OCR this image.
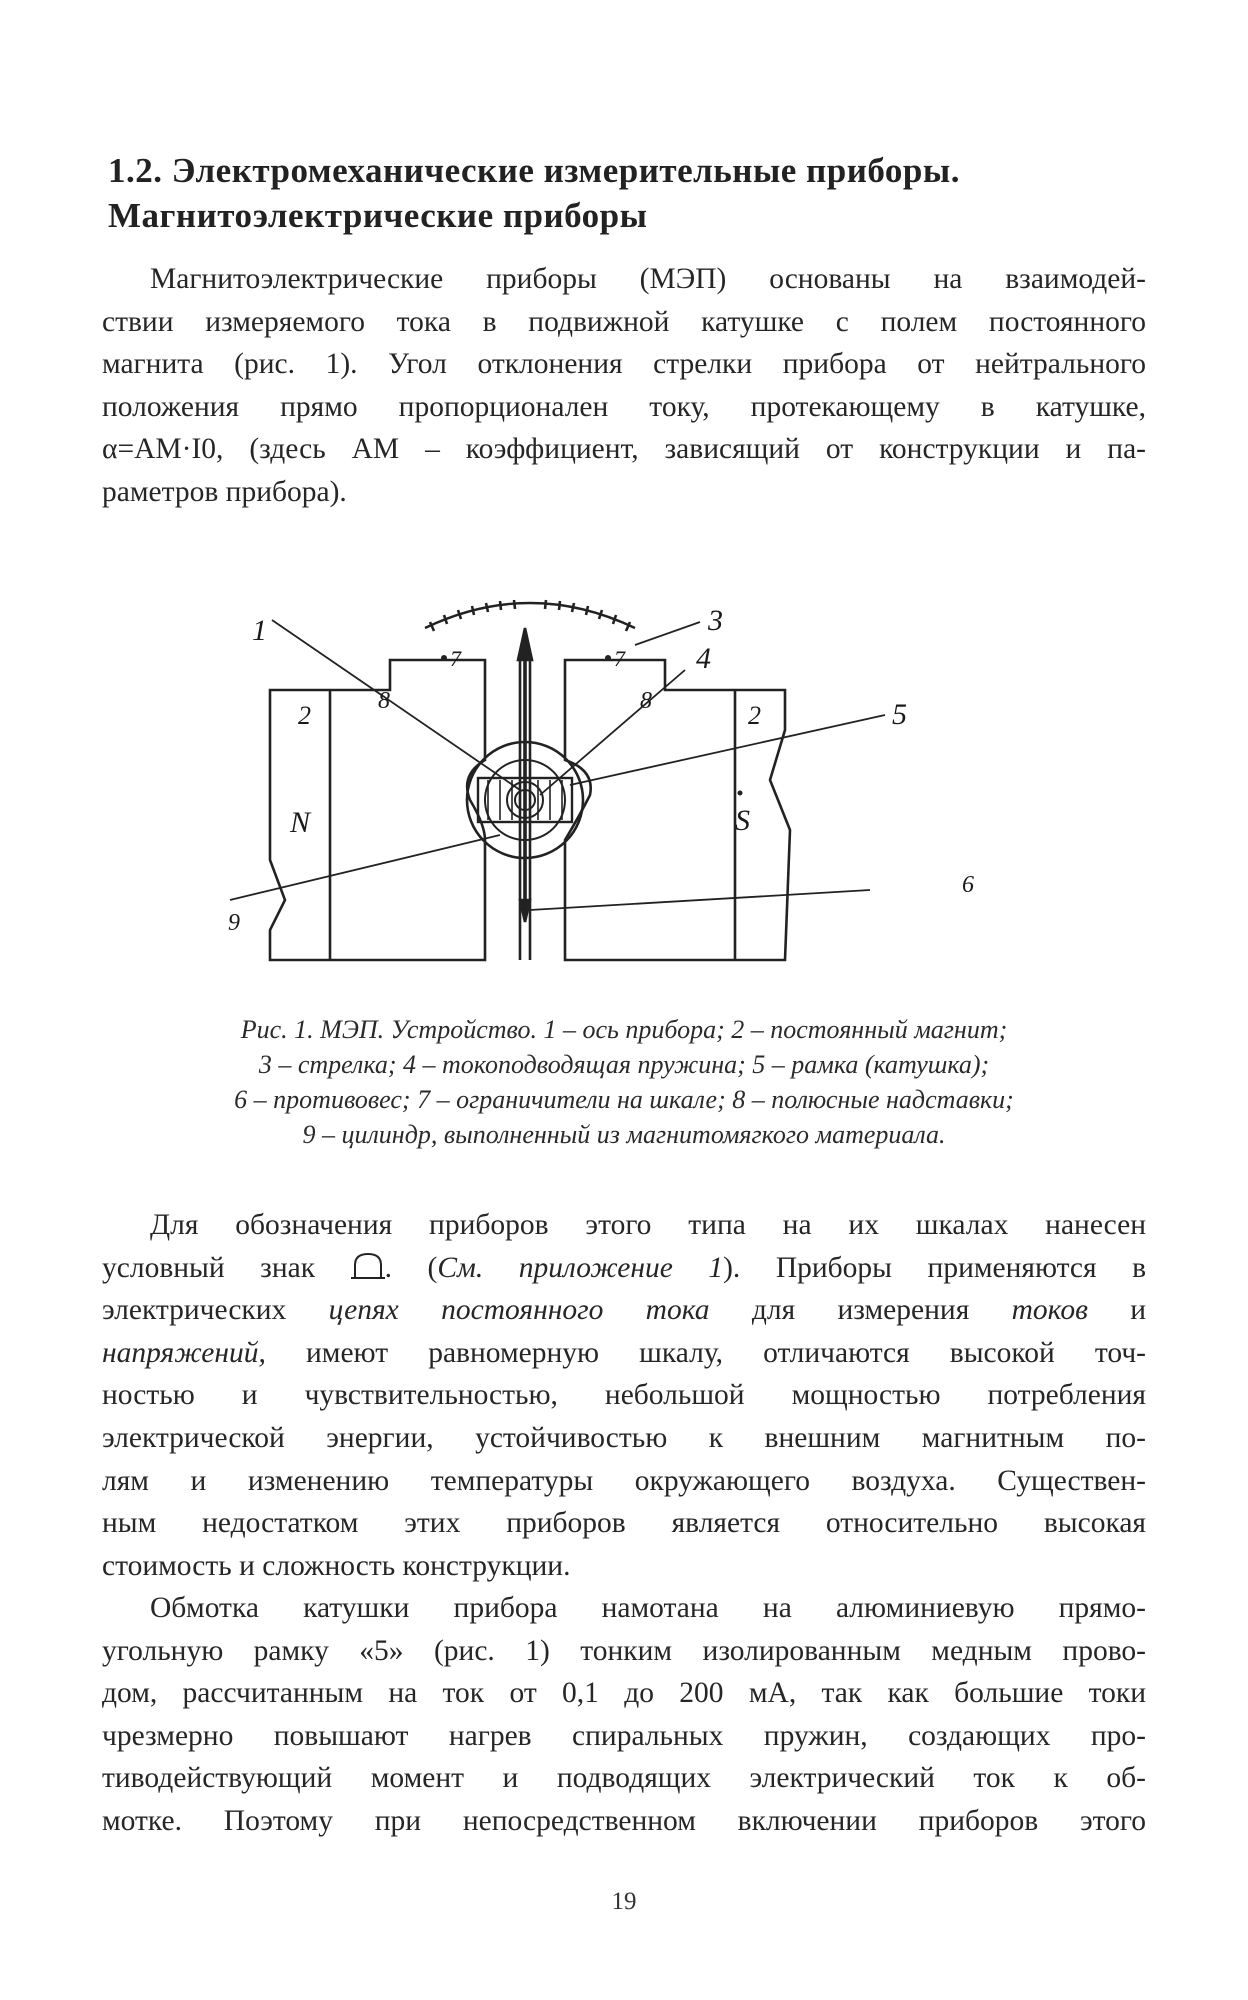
1.2. Электромеханические измерительные приборы.
Магнитоэлектрические приборы
Магнитоэлектрические приборы (МЭП) основаны на взаимодей-
ствии измеряемого тока в подвижной катушке с полем постоянного
магнита (рис. 1). Угол отклонения стрелки прибора от нейтрального
положения прямо пропорционален току, протекающему в катушке,
α=AM·I0, (здесь AM – коэффициент, зависящий от конструкции и па-
раметров прибора).
1
2	2
3
4
5
6
7	7
8	8
9
N	S
Рис. 1. МЭП. Устройство. 1 – ось прибора; 2 – постоянный магнит;
3 – стрелка; 4 – токоподводящая пружина; 5 – рамка (катушка);
6 – противовес; 7 – ограничители на шкале; 8 – полюсные надставки;
9 – цилиндр, выполненный из магнитомягкого материала.
Для обозначения приборов этого типа на их шкалах нанесен
условный знак . (См. приложение 1). Приборы применяются в
электрических цепях постоянного тока для измерения токов и
напряжений, имеют равномерную шкалу, отличаются высокой точ-
ностью и чувствительностью, небольшой мощностью потребления
электрической энергии, устойчивостью к внешним магнитным по-
лям и изменению температуры окружающего воздуха. Существен-
ным недостатком этих приборов является относительно высокая
стоимость и сложность конструкции.
Обмотка катушки прибора намотана на алюминиевую прямо-
угольную рамку «5» (рис. 1) тонким изолированным медным прово-
дом, рассчитанным на ток от 0,1 до 200 мА, так как большие токи
чрезмерно повышают нагрев спиральных пружин, создающих про-
тиводействующий момент и подводящих электрический ток к об-
мотке. Поэтому при непосредственном включении приборов этого
19
